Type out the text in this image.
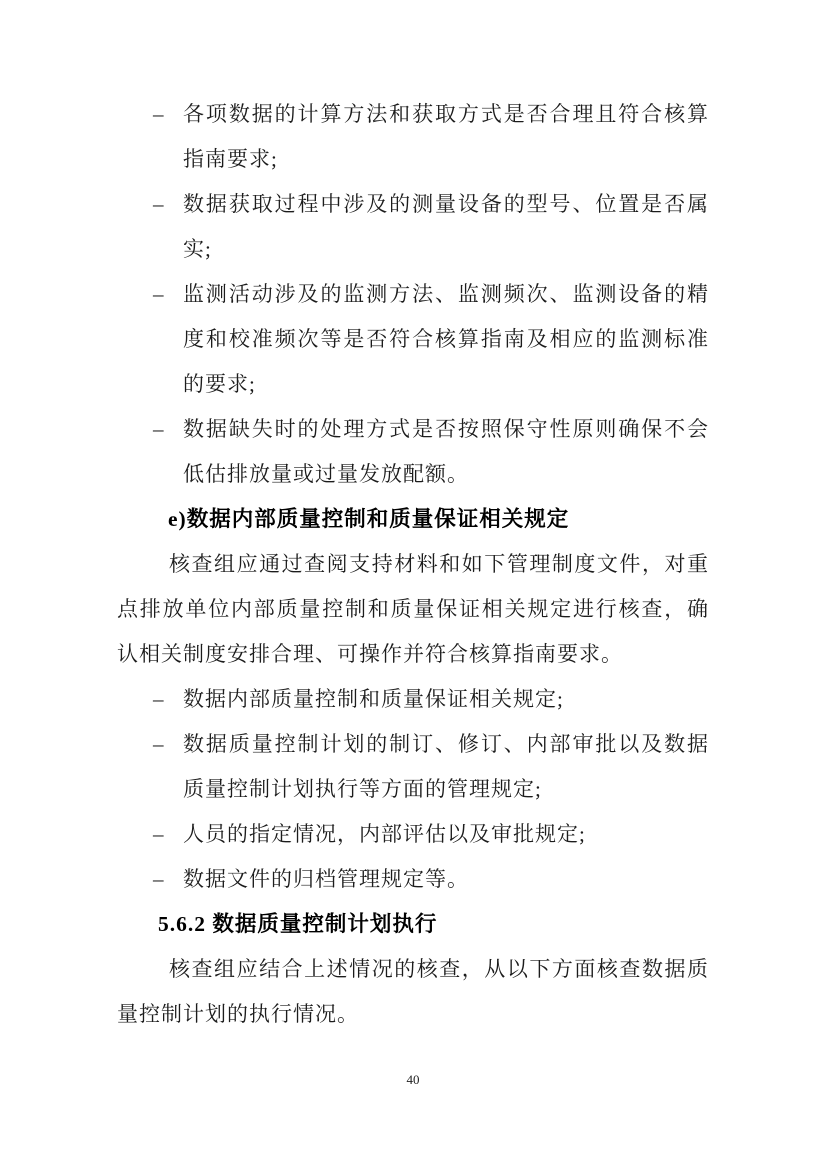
– 各项数据的计算方法和获取方式是否合理且符合核算指南要求;
– 数据获取过程中涉及的测量设备的型号、位置是否属实;
– 监测活动涉及的监测方法、监测频次、监测设备的精度和校准频次等是否符合核算指南及相应的监测标准的要求;
– 数据缺失时的处理方式是否按照保守性原则确保不会低估排放量或过量发放配额。
e)数据内部质量控制和质量保证相关规定

核查组应通过查阅支持材料和如下管理制度文件，对重点排放单位内部质量控制和质量保证相关规定进行核查，确认相关制度安排合理、可操作并符合核算指南要求。

– 数据内部质量控制和质量保证相关规定;
– 数据质量控制计划的制订、修订、内部审批以及数据质量控制计划执行等方面的管理规定;
– 人员的指定情况，内部评估以及审批规定;
– 数据文件的归档管理规定等。
5.6.2 数据质量控制计划执行

核查组应结合上述情况的核查，从以下方面核查数据质量控制计划的执行情况。

40
